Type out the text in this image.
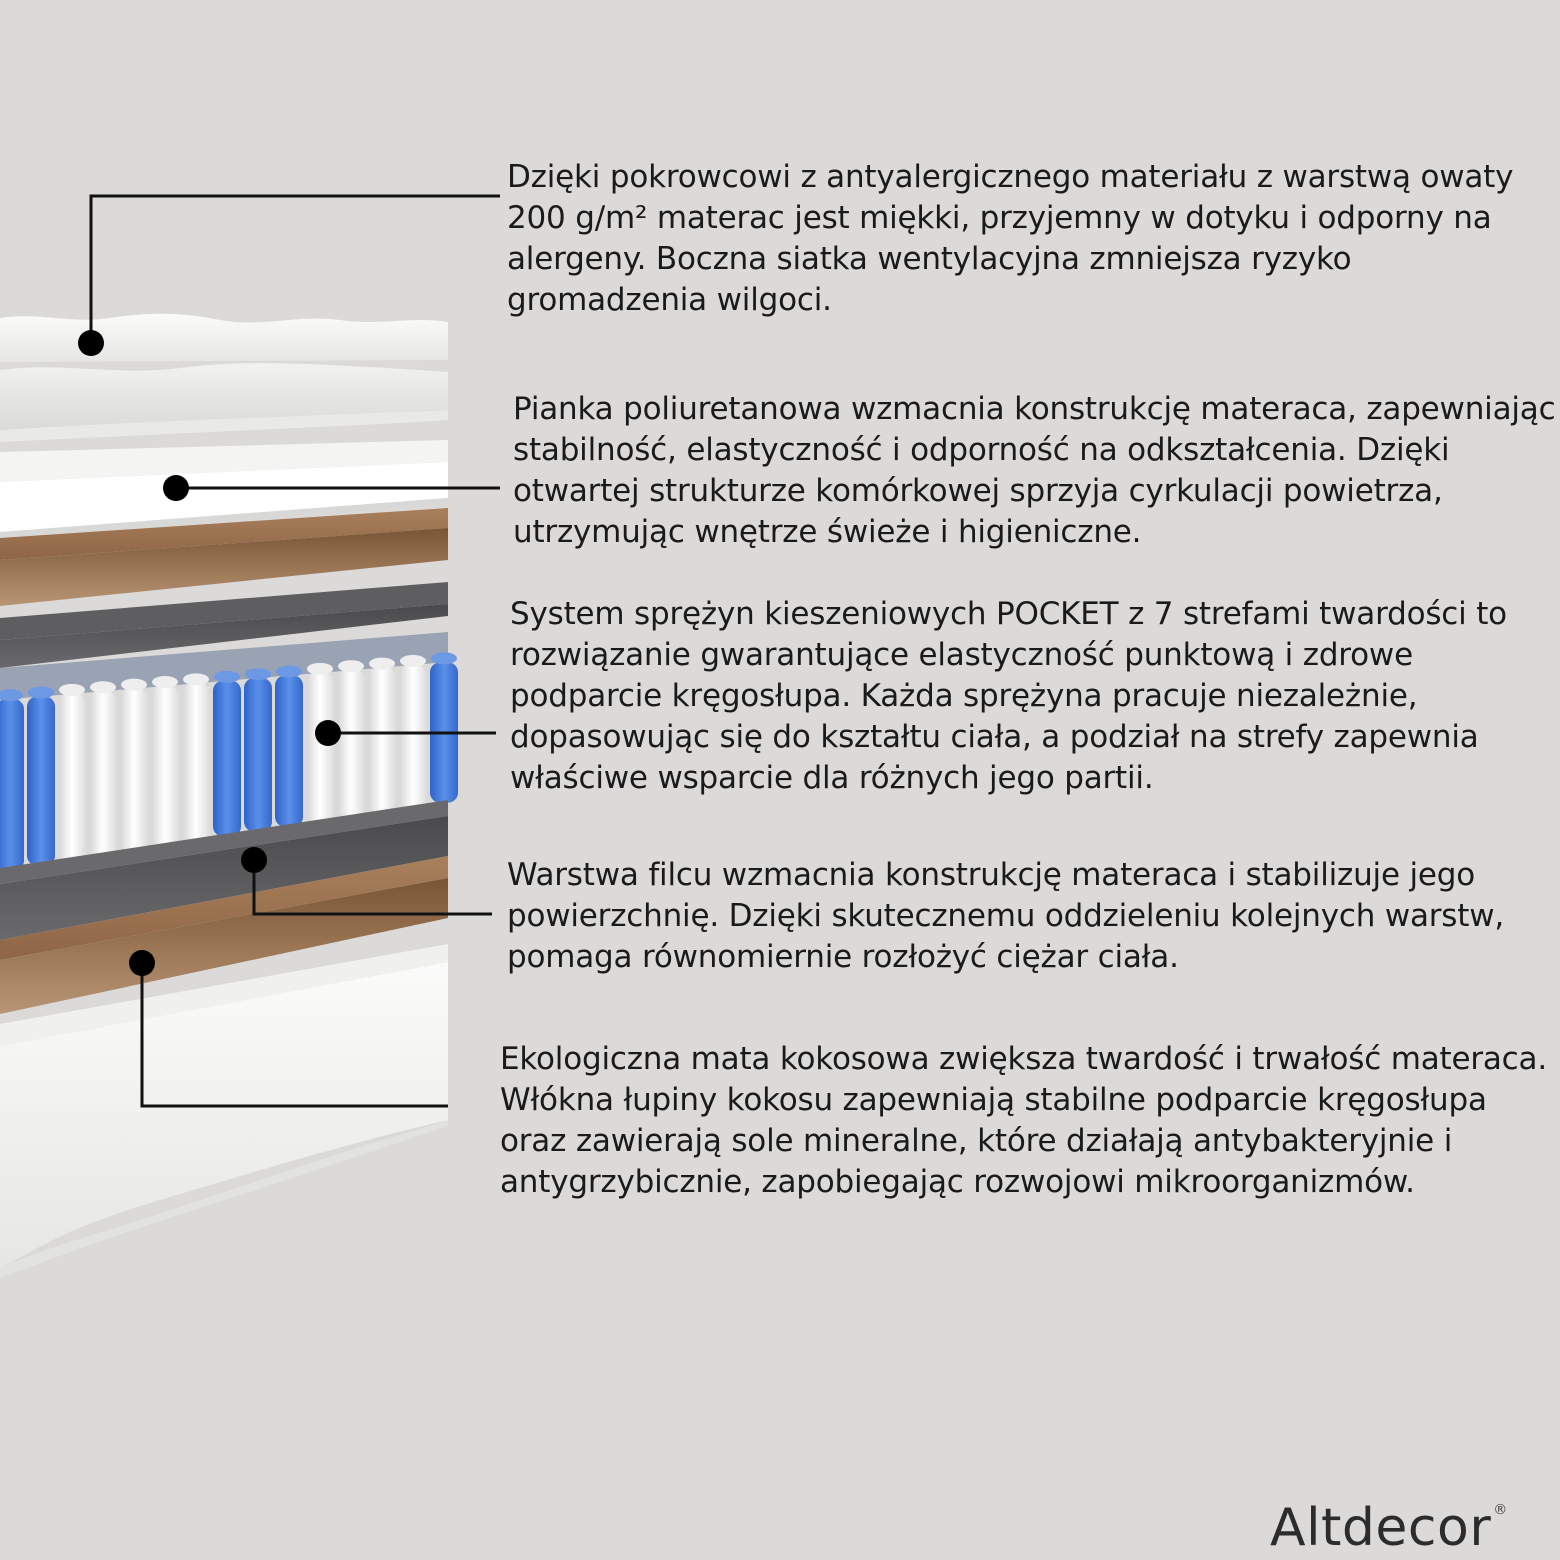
Dzięki pokrowcowi z antyalergicznego materiału z warstwą owaty 200 g/m² materac jest miękki, przyjemny w dotyku i odporny na alergeny. Boczna siatka wentylacyjna zmniejsza ryzyko gromadzenia wilgoci.

Pianka poliuretanowa wzmacnia konstrukcję materaca, zapewniając stabilność, elastyczność i odporność na odkształcenia. Dzięki otwartej strukturze komórkowej sprzyja cyrkulacji powietrza, utrzymując wnętrze świeże i higieniczne.

System sprężyn kieszeniowych POCKET z 7 strefami twardości to rozwiązanie gwarantujące elastyczność punktową i zdrowe podparcie kręgosłupa. Każda sprężyna pracuje niezależnie, dopasowując się do kształtu ciała, a podział na strefy zapewnia właściwe wsparcie dla różnych jego partii.

Warstwa filcu wzmacnia konstrukcję materaca i stabilizuje jego powierzchnię. Dzięki skutecznemu oddzieleniu kolejnych warstw, pomaga równomiernie rozłożyć ciężar ciała.

Ekologiczna mata kokosowa zwiększa twardość i trwałość materaca. Włókna łupiny kokosu zapewniają stabilne podparcie kręgosłupa oraz zawierają sole mineralne, które działają antybakteryjnie i antygrzybicznie, zapobiegając rozwojowi mikroorganizmów.

Altdecor ®
